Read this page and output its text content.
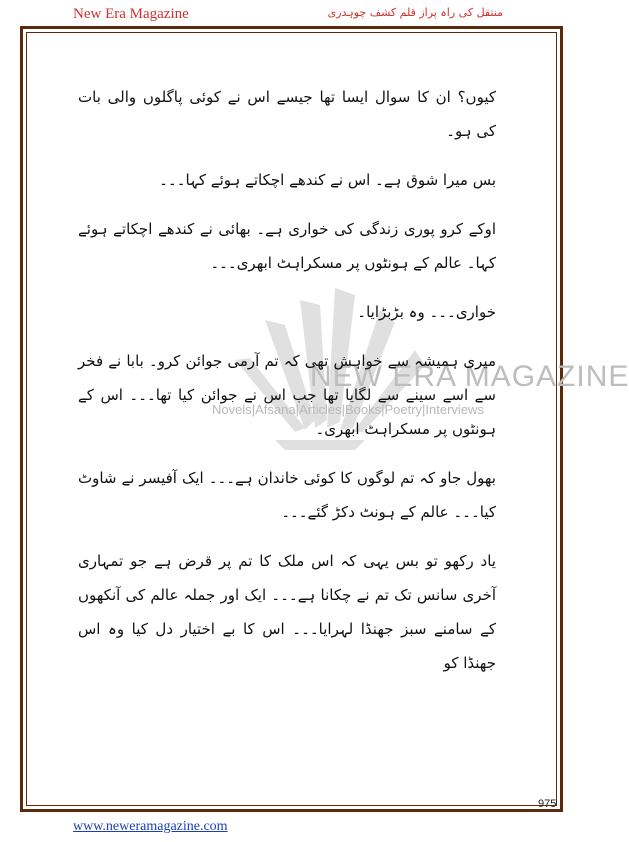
New Era Magazine	منتقل کی راہ پراز قلم کشف چوہدری
NEW ERA MAGAZINE
Novels|Afsana|Articles|Books|Poetry|Interviews

کیوں؟ ان کا سوال ایسا تھا جیسے اس نے کوئی پاگلوں والی بات کی ہو۔

بس میرا شوق ہے۔ اس نے کندھے اچکاتے ہوئے کہا۔۔۔

اوکے کرو پوری زندگی کی خواری ہے۔ بھائی نے کندھے اچکاتے ہوئے کہا۔ عالم کے ہونٹوں پر مسکراہٹ ابھری۔۔۔

خواری۔۔۔ وہ بڑبڑایا۔

میری ہمیشہ سے خواہش تھی کہ تم آرمی جوائن کرو۔ بابا نے فخر سے اسے سینے سے لگایا تھا جب اس نے جوائن کیا تھا۔۔۔ اس کے ہونٹوں پر مسکراہٹ ابھری۔

بھول جاو کہ تم لوگوں کا کوئی خاندان ہے۔۔۔ ایک آفیسر نے شاوٹ کیا۔۔۔ عالم کے ہونٹ دکڑ گئے۔۔۔

یاد رکھو تو بس یہی کہ اس ملک کا تم پر قرض ہے جو تمہاری آخری سانس تک تم نے چکانا ہے۔۔۔ ایک اور جملہ عالم کی آنکھوں کے سامنے سبز جھنڈا لہرایا۔۔۔ اس کا بے اختیار دل کیا وہ اس جھنڈا کو

975
www.neweramagazine.com
